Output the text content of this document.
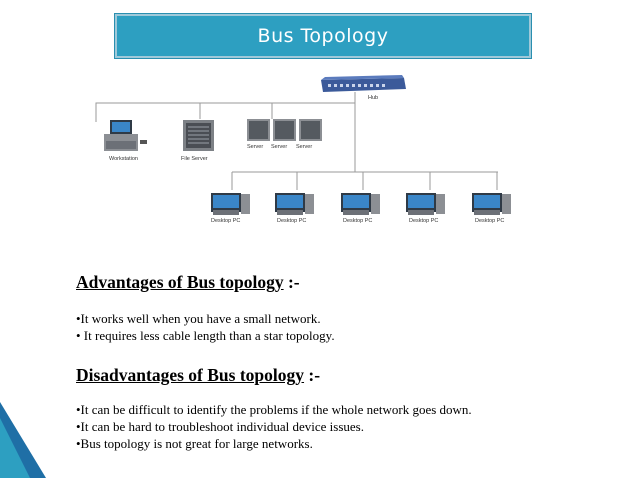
Bus Topology
Hub
Workstation	File Server
Server Server Server
Desktop PC	Desktop PC	Desktop PC	Desktop PC	Desktop PC
Advantages of Bus topology :-
•It works well when you have a small network.
• It requires less cable length than a star topology.
Disadvantages of Bus topology :-
•It can be difficult to identify the problems if the whole network goes down.
•It can be hard to troubleshoot individual device issues.
•Bus topology is not great for large networks.
